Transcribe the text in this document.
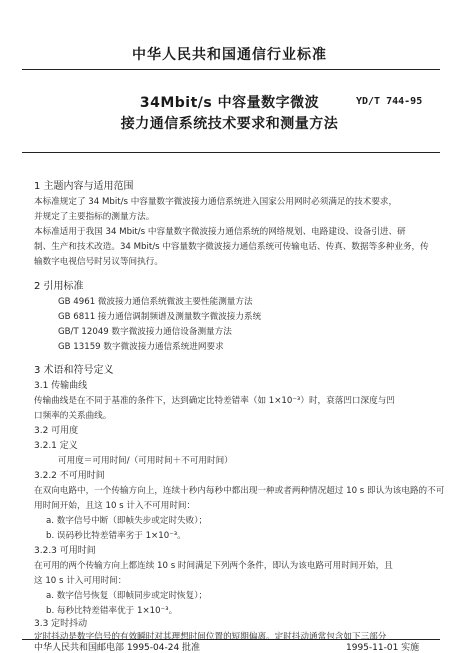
中华人民共和国通信行业标准
34Mbit/s 中容量数字微波
接力通信系统技术要求和测量方法
YD/T 744-95
1 主题内容与适用范围
本标准规定了 34 Mbit/s 中容量数字微波接力通信系统进入国家公用网时必须满足的技术要求，
并规定了主要指标的测量方法。
本标准适用于我国 34 Mbit/s 中容量数字微波接力通信系统的网络规划、电路建设、设备引进、研
制、生产和技术改造。34 Mbit/s 中容量数字微波接力通信系统可传输电话、传真、数据等多种业务，传
输数字电视信号时另议等间执行。
2 引用标准
GB 4961 微波接力通信系统微波主要性能测量方法
GB 6811 接力通信调制频谱及测量数字微波接力系统
GB/T 12049 数字微波接力通信设备测量方法
GB 13159 数字微波接力通信系统进网要求
3 术语和符号定义
3.1 传输曲线
传输曲线是在不同于基准的条件下，达到确定比特差错率（如 1×10⁻³）时，衰落凹口深度与凹
口频率的关系曲线。
3.2 可用度
3.2.1 定义
可用度＝可用时间/（可用时间＋不可用时间）
3.2.2 不可用时间
在双向电路中，一个传输方向上，连续十秒内每秒中都出现一种或者两种情况超过 10 s 即认为该电路的不可
用时间开始，且这 10 s 计入不可用时间：
a. 数字信号中断（即帧失步或定时失败）；
b. 误码秒比特差错率劣于 1×10⁻³。
3.2.3 可用时间
在可用的两个传输方向上都连续 10 s 时间满足下列两个条件，即认为该电路可用时间开始，且
这 10 s 计入可用时间：
a. 数字信号恢复（即帧同步或定时恢复）；
b. 每秒比特差错率优于 1×10⁻³。
3.3 定时抖动
定时抖动是数字信号的有效瞬时对其理想时间位置的短期偏离。定时抖动通常包含如下三部分
中华人民共和国邮电部 1995-04-24 批准	1995-11-01 实施
